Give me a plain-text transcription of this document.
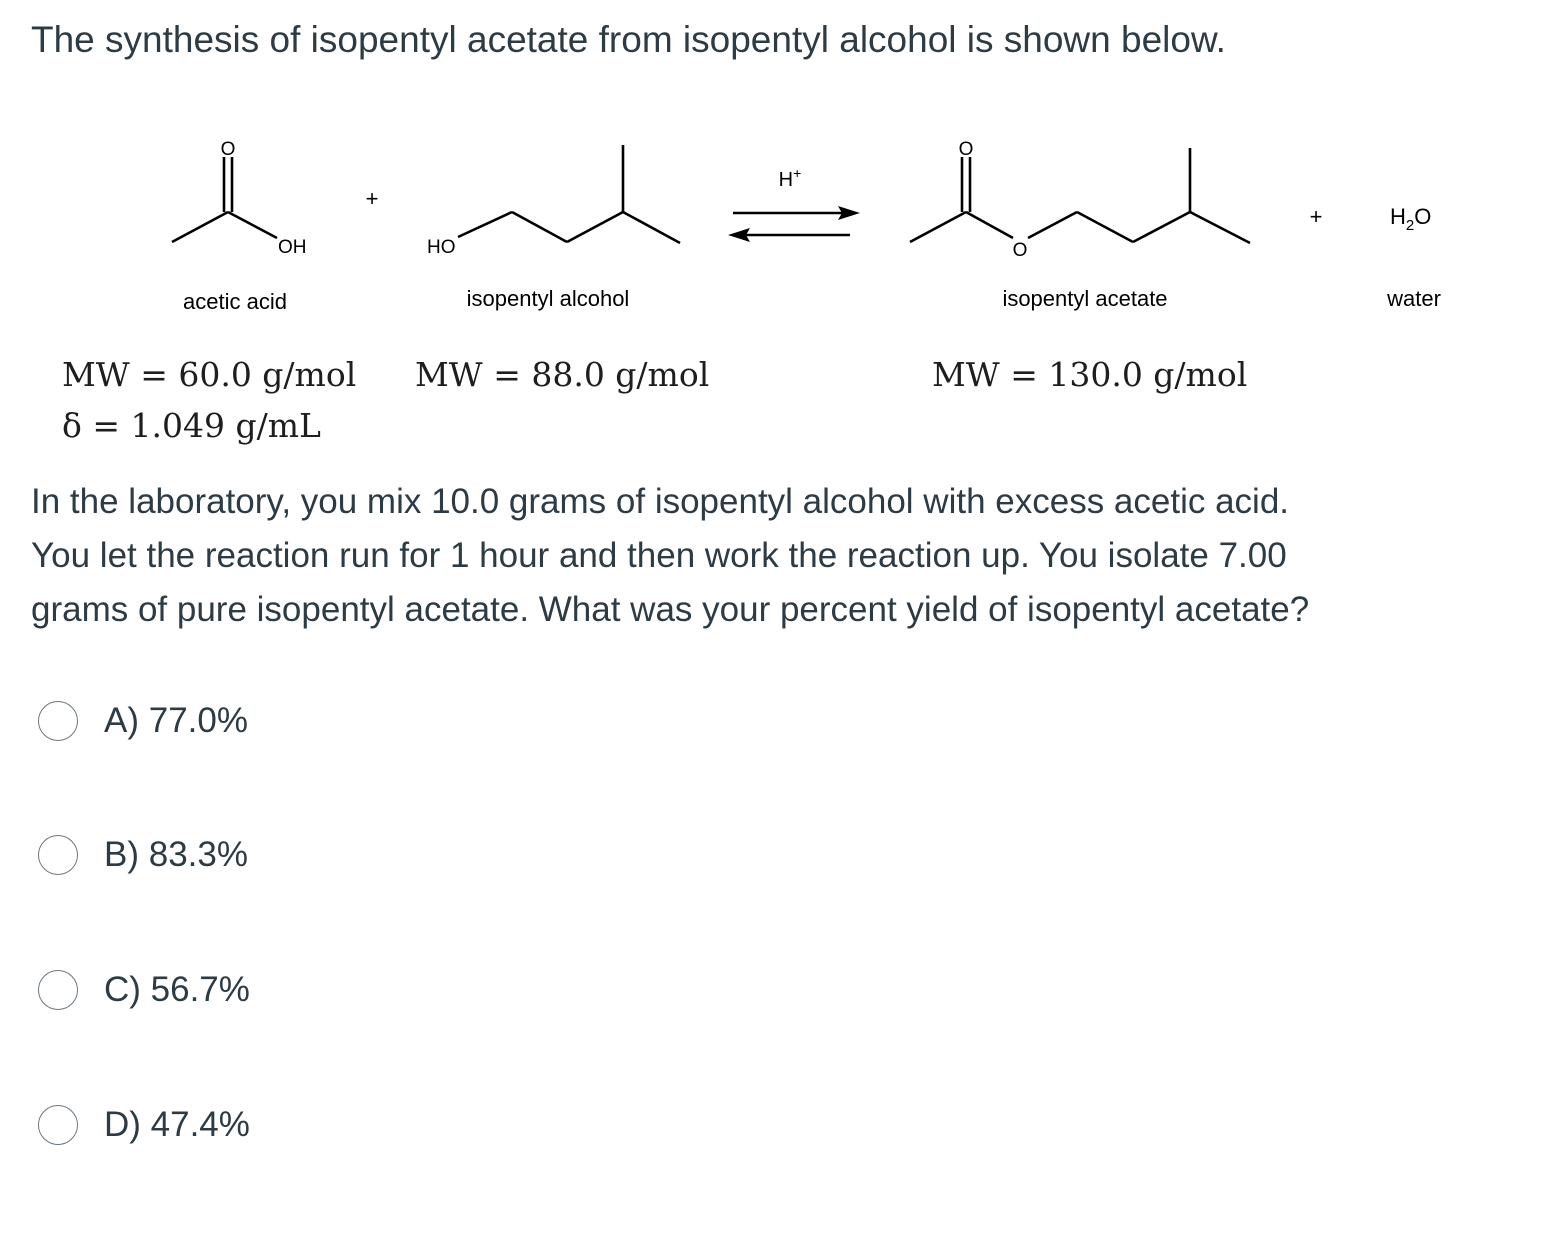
The synthesis of isopentyl acetate from isopentyl alcohol is shown below.
O
OH
acetic acid
+
HO
isopentyl alcohol
H+
O
O
isopentyl acetate
+	$H_2O$
water
MW = 60.0 g/mol
δ = 1.049 g/mL
MW = 88.0 g/mol	MW = 130.0 g/mol
In the laboratory, you mix 10.0 grams of isopentyl alcohol with excess acetic acid.
You let the reaction run for 1 hour and then work the reaction up. You isolate 7.00
grams of pure isopentyl acetate. What was your percent yield of isopentyl acetate?
A) 77.0%
B) 83.3%
C) 56.7%
D) 47.4%
